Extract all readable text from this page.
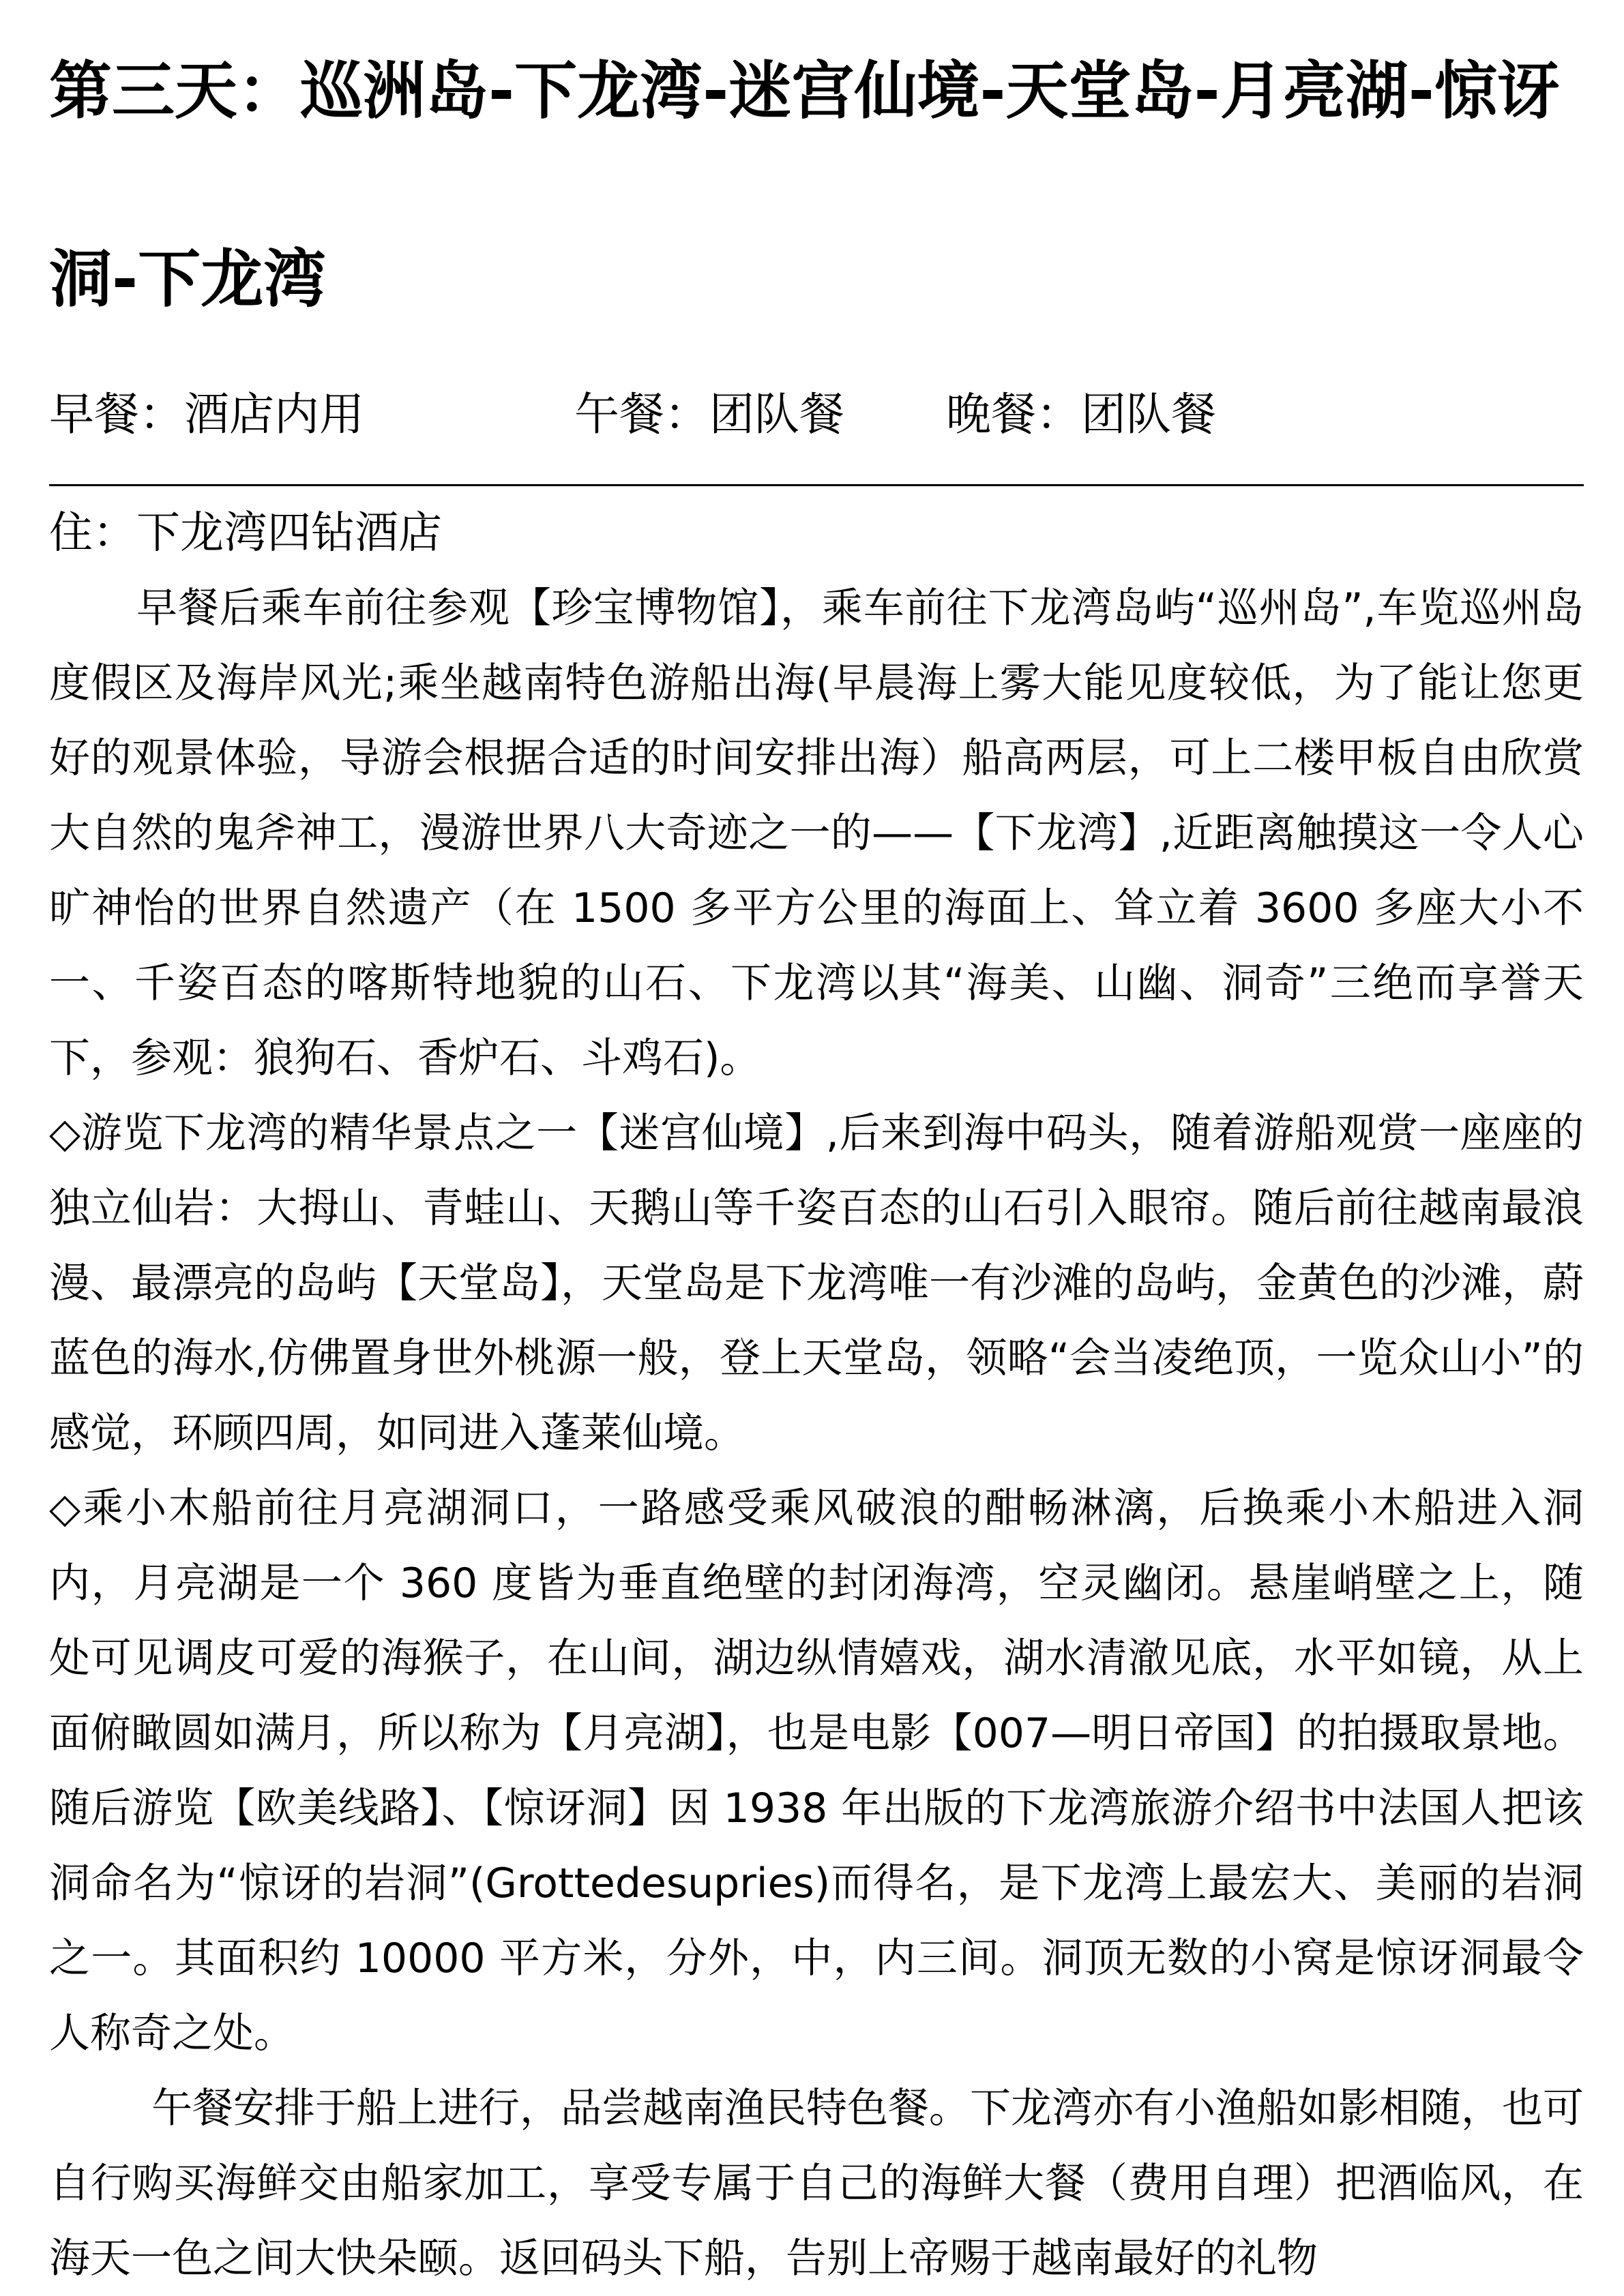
第三天：巡洲岛-下龙湾-迷宫仙境-天堂岛-月亮湖-惊讶洞-下龙湾
早餐：酒店内用	午餐：团队餐	晚餐：团队餐
住：下龙湾四钻酒店

早餐后乘车前往参观【珍宝博物馆】，乘车前往下龙湾岛屿“巡州岛”,车览巡州岛度假区及海岸风光;乘坐越南特色游船出海(早晨海上雾大能见度较低，为了能让您更好的观景体验，导游会根据合适的时间安排出海）船高两层，可上二楼甲板自由欣赏大自然的鬼斧神工，漫游世界八大奇迹之一的——【下龙湾】,近距离触摸这一令人心旷神怡的世界自然遗产（在 1500 多平方公里的海面上、耸立着 3600 多座大小不一、千姿百态的喀斯特地貌的山石、下龙湾以其“海美、山幽、洞奇”三绝而享誉天下，参观：狼狗石、香炉石、斗鸡石)。

◇游览下龙湾的精华景点之一【迷宫仙境】,后来到海中码头，随着游船观赏一座座的独立仙岩：大拇山、青蛙山、天鹅山等千姿百态的山石引入眼帘。随后前往越南最浪漫、最漂亮的岛屿【天堂岛】，天堂岛是下龙湾唯一有沙滩的岛屿，金黄色的沙滩，蔚蓝色的海水,仿佛置身世外桃源一般，登上天堂岛，领略“会当凌绝顶，一览众山小”的感觉，环顾四周，如同进入蓬莱仙境。

◇乘小木船前往月亮湖洞口，一路感受乘风破浪的酣畅淋漓，后换乘小木船进入洞内，月亮湖是一个 360 度皆为垂直绝壁的封闭海湾，空灵幽闭。悬崖峭壁之上，随处可见调皮可爱的海猴子，在山间，湖边纵情嬉戏，湖水清澈见底，水平如镜，从上面俯瞰圆如满月，所以称为【月亮湖】，也是电影【007—明日帝国】的拍摄取景地。随后游览【欧美线路】、【惊讶洞】因 1938 年出版的下龙湾旅游介绍书中法国人把该洞命名为“惊讶的岩洞”(Grottedesupries)而得名，是下龙湾上最宏大、美丽的岩洞之一。其面积约 10000 平方米，分外，中，内三间。洞顶无数的小窝是惊讶洞最令人称奇之处。

午餐安排于船上进行，品尝越南渔民特色餐。下龙湾亦有小渔船如影相随，也可自行购买海鲜交由船家加工，享受专属于自己的海鲜大餐（费用自理）把酒临风，在海天一色之间大快朵颐。返回码头下船，告别上帝赐于越南最好的礼物
